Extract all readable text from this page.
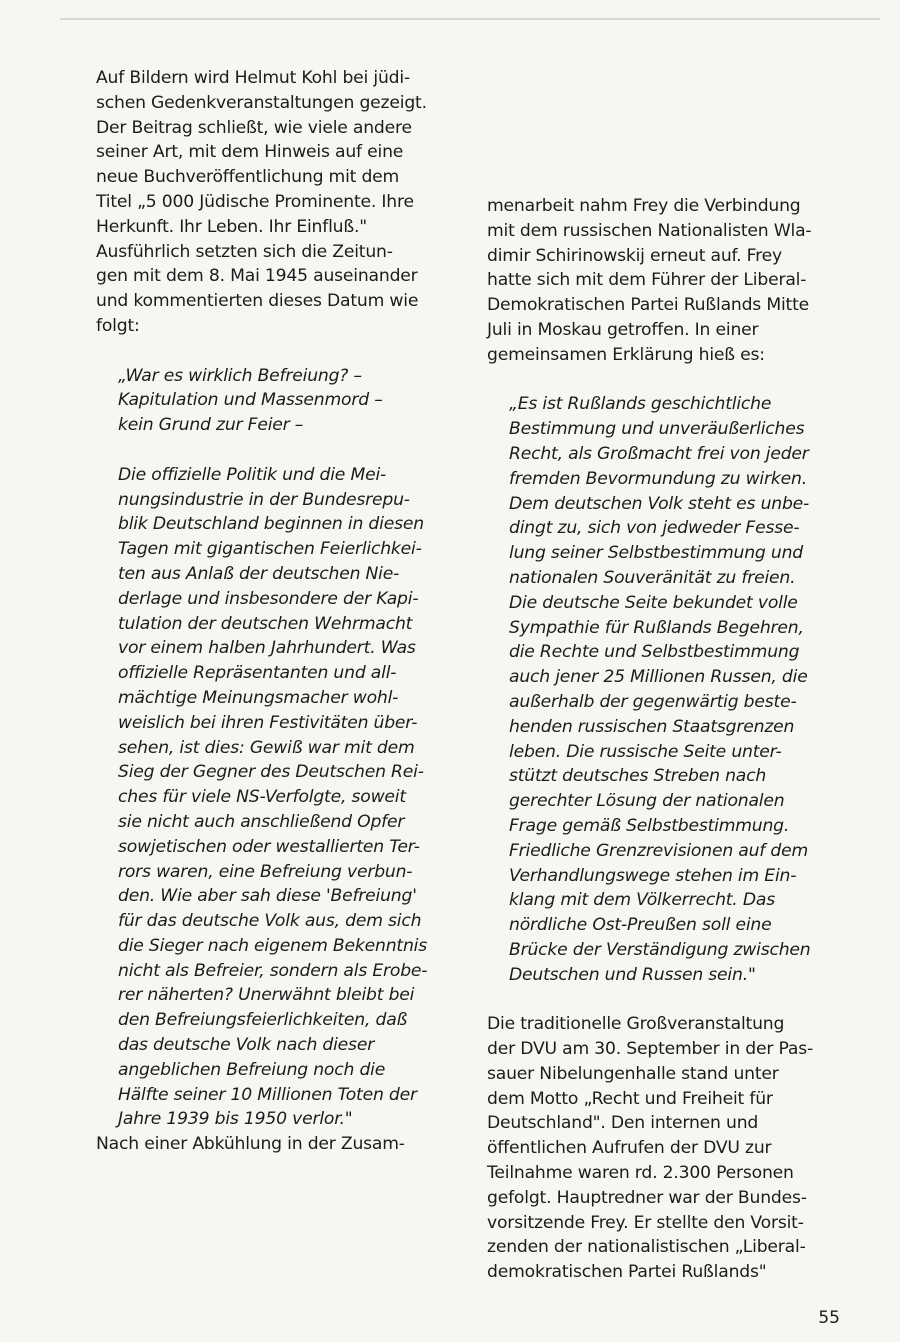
Auf Bildern wird Helmut Kohl bei jüdi-
schen Gedenkveranstaltungen gezeigt.
Der Beitrag schließt, wie viele andere
seiner Art, mit dem Hinweis auf eine
neue Buchveröffentlichung mit dem
Titel „5 000 Jüdische Prominente. Ihre
Herkunft. Ihr Leben. Ihr Einfluß."
Ausführlich setzten sich die Zeitun-
gen mit dem 8. Mai 1945 auseinander
und kommentierten dieses Datum wie
folgt:
„War es wirklich Befreiung? –
Kapitulation und Massenmord –
kein Grund zur Feier –
Die offizielle Politik und die Mei-
nungsindustrie in der Bundesrepu-
blik Deutschland beginnen in diesen
Tagen mit gigantischen Feierlichkei-
ten aus Anlaß der deutschen Nie-
derlage und insbesondere der Kapi-
tulation der deutschen Wehrmacht
vor einem halben Jahrhundert. Was
offizielle Repräsentanten und all-
mächtige Meinungsmacher wohl-
weislich bei ihren Festivitäten über-
sehen, ist dies: Gewiß war mit dem
Sieg der Gegner des Deutschen Rei-
ches für viele NS-Verfolgte, soweit
sie nicht auch anschließend Opfer
sowjetischen oder westallierten Ter-
rors waren, eine Befreiung verbun-
den. Wie aber sah diese 'Befreiung'
für das deutsche Volk aus, dem sich
die Sieger nach eigenem Bekenntnis
nicht als Befreier, sondern als Erobe-
rer näherten? Unerwähnt bleibt bei
den Befreiungsfeierlichkeiten, daß
das deutsche Volk nach dieser
angeblichen Befreiung noch die
Hälfte seiner 10 Millionen Toten der
Jahre 1939 bis 1950 verlor."
Nach einer Abkühlung in der Zusam-
menarbeit nahm Frey die Verbindung
mit dem russischen Nationalisten Wla-
dimir Schirinowskij erneut auf. Frey
hatte sich mit dem Führer der Liberal-
Demokratischen Partei Rußlands Mitte
Juli in Moskau getroffen. In einer
gemeinsamen Erklärung hieß es:
„Es ist Rußlands geschichtliche
Bestimmung und unveräußerliches
Recht, als Großmacht frei von jeder
fremden Bevormundung zu wirken.
Dem deutschen Volk steht es unbe-
dingt zu, sich von jedweder Fesse-
lung seiner Selbstbestimmung und
nationalen Souveränität zu freien.
Die deutsche Seite bekundet volle
Sympathie für Rußlands Begehren,
die Rechte und Selbstbestimmung
auch jener 25 Millionen Russen, die
außerhalb der gegenwärtig beste-
henden russischen Staatsgrenzen
leben. Die russische Seite unter-
stützt deutsches Streben nach
gerechter Lösung der nationalen
Frage gemäß Selbstbestimmung.
Friedliche Grenzrevisionen auf dem
Verhandlungswege stehen im Ein-
klang mit dem Völkerrecht. Das
nördliche Ost-Preußen soll eine
Brücke der Verständigung zwischen
Deutschen und Russen sein."
Die traditionelle Großveranstaltung
der DVU am 30. September in der Pas-
sauer Nibelungenhalle stand unter
dem Motto „Recht und Freiheit für
Deutschland". Den internen und
öffentlichen Aufrufen der DVU zur
Teilnahme waren rd. 2.300 Personen
gefolgt. Hauptredner war der Bundes-
vorsitzende Frey. Er stellte den Vorsit-
zenden der nationalistischen „Liberal-
demokratischen Partei Rußlands"
55
